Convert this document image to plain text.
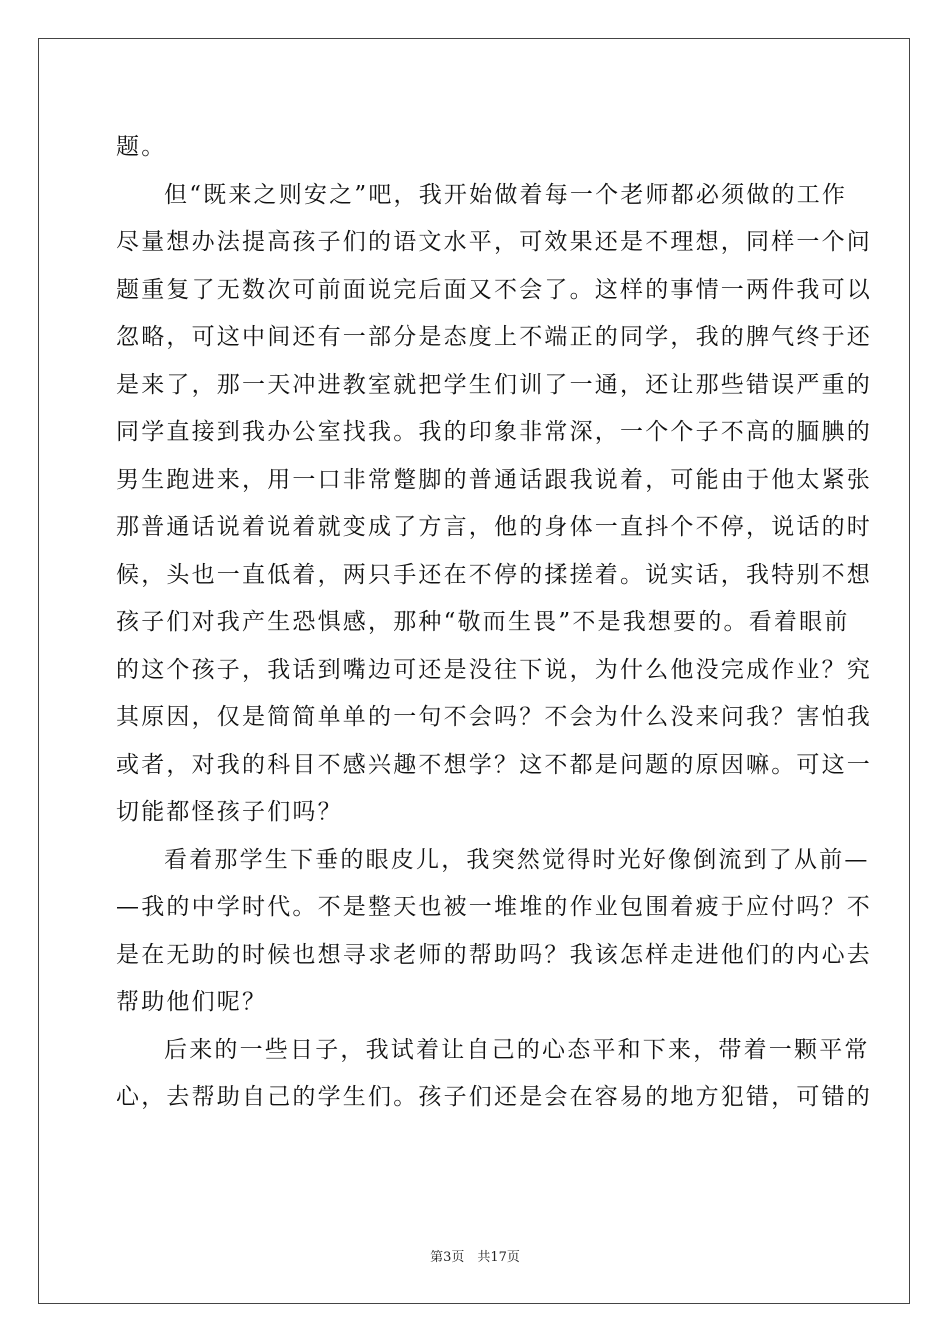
题。
但“既来之则安之”吧，我开始做着每一个老师都必须做的工作
尽量想办法提高孩子们的语文水平，可效果还是不理想，同样一个问
题重复了无数次可前面说完后面又不会了。这样的事情一两件我可以
忽略，可这中间还有一部分是态度上不端正的同学，我的脾气终于还
是来了，那一天冲进教室就把学生们训了一通，还让那些错误严重的
同学直接到我办公室找我。我的印象非常深，一个个子不高的腼腆的
男生跑进来，用一口非常蹩脚的普通话跟我说着，可能由于他太紧张
那普通话说着说着就变成了方言，他的身体一直抖个不停，说话的时
候，头也一直低着，两只手还在不停的揉搓着。说实话，我特别不想
孩子们对我产生恐惧感，那种“敬而生畏”不是我想要的。看着眼前
的这个孩子，我话到嘴边可还是没往下说，为什么他没完成作业？究
其原因，仅是简简单单的一句不会吗？不会为什么没来问我？害怕我
或者，对我的科目不感兴趣不想学？这不都是问题的原因嘛。可这一
切能都怪孩子们吗？
看着那学生下垂的眼皮儿，我突然觉得时光好像倒流到了从前—
—我的中学时代。不是整天也被一堆堆的作业包围着疲于应付吗？不
是在无助的时候也想寻求老师的帮助吗？我该怎样走进他们的内心去
帮助他们呢？
后来的一些日子，我试着让自己的心态平和下来，带着一颗平常
心，去帮助自己的学生们。孩子们还是会在容易的地方犯错，可错的
第3页　共17页
